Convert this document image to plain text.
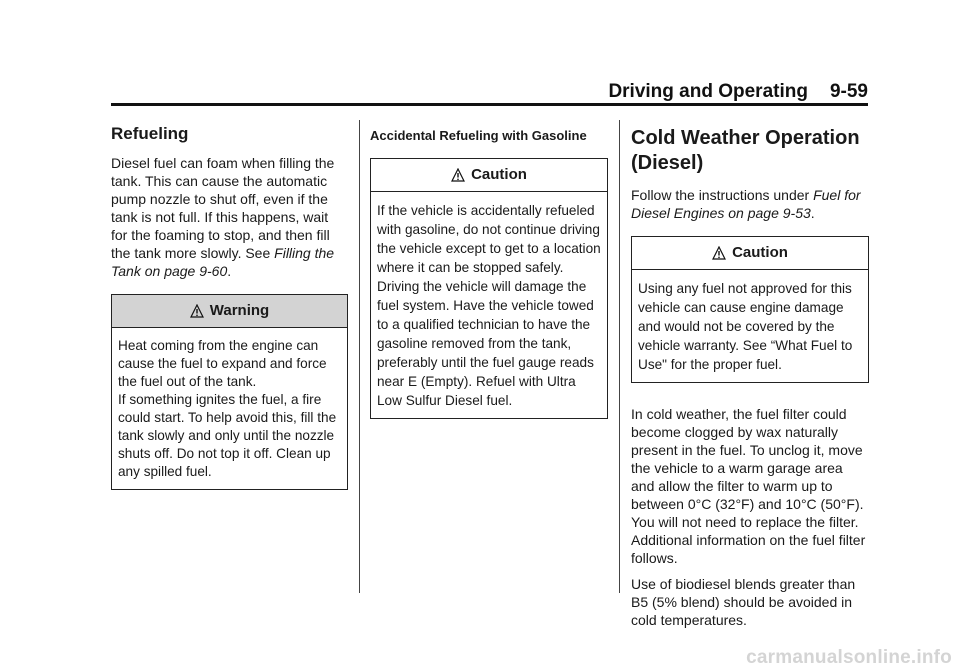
Driving and Operating 9-59
Refueling

Diesel fuel can foam when filling the tank. This can cause the automatic pump nozzle to shut off, even if the tank is not full. If this happens, wait for the foaming to stop, and then fill the tank more slowly. See Filling the Tank on page 9-60.

Warning

Heat coming from the engine can cause the fuel to expand and force the fuel out of the tank.

If something ignites the fuel, a fire could start. To help avoid this, fill the tank slowly and only until the nozzle shuts off. Do not top it off. Clean up any spilled fuel.

Accidental Refueling with Gasoline
Caution

If the vehicle is accidentally refueled with gasoline, do not continue driving the vehicle except to get to a location where it can be stopped safely. Driving the vehicle will damage the fuel system. Have the vehicle towed to a qualified technician to have the gasoline removed from the tank, preferably until the fuel gauge reads near E (Empty). Refuel with Ultra Low Sulfur Diesel fuel.

Cold Weather Operation (Diesel)

Follow the instructions under Fuel for Diesel Engines on page 9-53.

Caution

Using any fuel not approved for this vehicle can cause engine damage and would not be covered by the vehicle warranty. See “What Fuel to Use" for the proper fuel.

In cold weather, the fuel filter could become clogged by wax naturally present in the fuel. To unclog it, move the vehicle to a warm garage area and allow the filter to warm up to between 0°C (32°F) and 10°C (50°F). You will not need to replace the filter. Additional information on the fuel filter follows.

Use of biodiesel blends greater than B5 (5% blend) should be avoided in cold temperatures.

carmanualsonline.info
